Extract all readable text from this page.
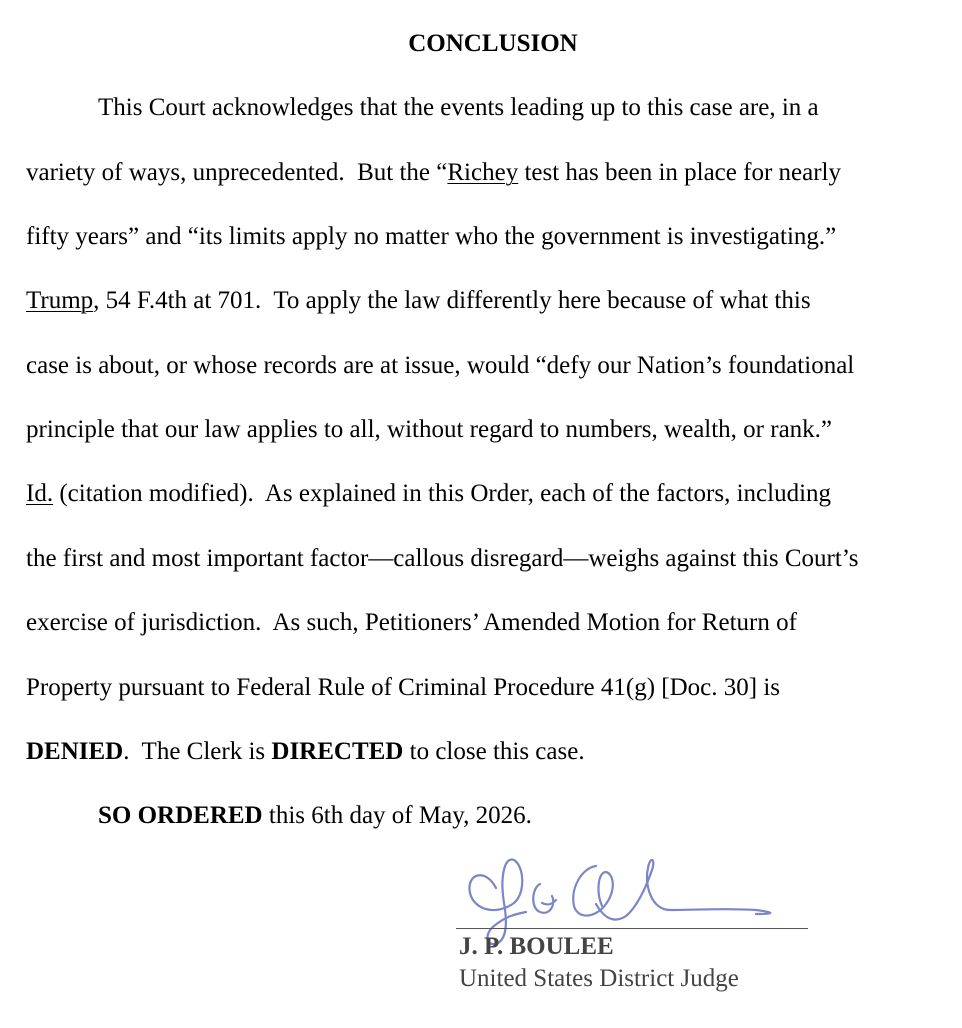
CONCLUSION
This Court acknowledges that the events leading up to this case are, in a
variety of ways, unprecedented.  But the “Richey test has been in place for nearly
fifty years” and “its limits apply no matter who the government is investigating.”
Trump, 54 F.4th at 701.  To apply the law differently here because of what this
case is about, or whose records are at issue, would “defy our Nation’s foundational
principle that our law applies to all, without regard to numbers, wealth, or rank.”
Id. (citation modified).  As explained in this Order, each of the factors, including
the first and most important factor—callous disregard—weighs against this Court’s
exercise of jurisdiction.  As such, Petitioners’ Amended Motion for Return of
Property pursuant to Federal Rule of Criminal Procedure 41(g) [Doc. 30] is
DENIED.  The Clerk is DIRECTED to close this case.
SO ORDERED this 6th day of May, 2026.
J. P. BOULEE
United States District Judge
